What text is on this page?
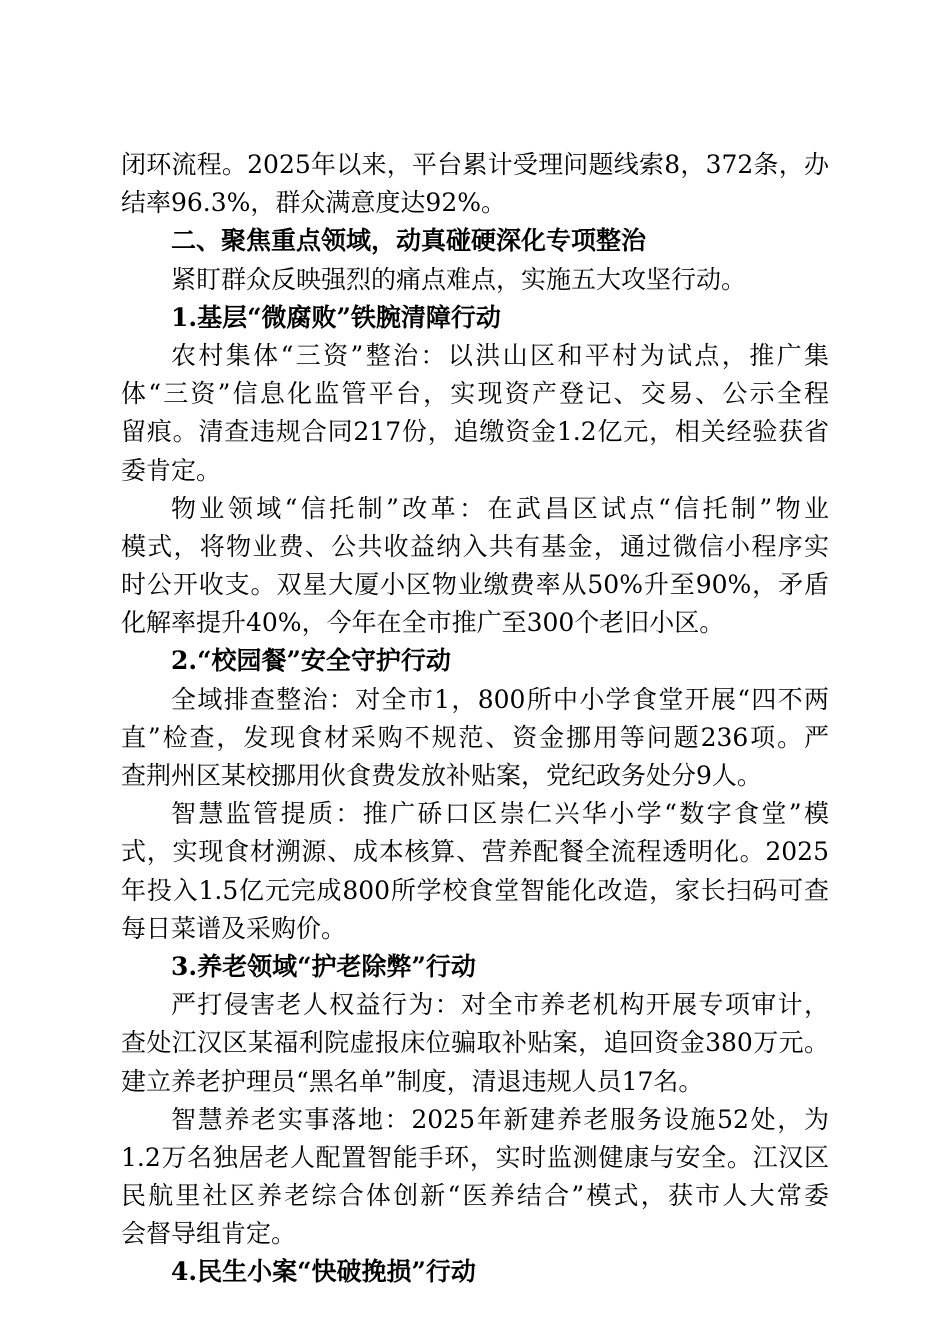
闭环流程。2025年以来，平台累计受理问题线索8，372条，办
结率96.3%，群众满意度达92%。
二、聚焦重点领域，动真碰硬深化专项整治
紧盯群众反映强烈的痛点难点，实施五大攻坚行动。
1.基层“微腐败”铁腕清障行动
农村集体“三资”整治：以洪山区和平村为试点，推广集
体“三资”信息化监管平台，实现资产登记、交易、公示全程
留痕。清查违规合同217份，追缴资金1.2亿元，相关经验获省
委肯定。
物业领域“信托制”改革：在武昌区试点“信托制”物业
模式，将物业费、公共收益纳入共有基金，通过微信小程序实
时公开收支。双星大厦小区物业缴费率从50%升至90%，矛盾
化解率提升40%，今年在全市推广至300个老旧小区。
2.“校园餐”安全守护行动
全域排查整治：对全市1，800所中小学食堂开展“四不两
直”检查，发现食材采购不规范、资金挪用等问题236项。严
查荆州区某校挪用伙食费发放补贴案，党纪政务处分9人。
智慧监管提质：推广硚口区崇仁兴华小学“数字食堂”模
式，实现食材溯源、成本核算、营养配餐全流程透明化。2025
年投入1.5亿元完成800所学校食堂智能化改造，家长扫码可查
每日菜谱及采购价。
3.养老领域“护老除弊”行动
严打侵害老人权益行为：对全市养老机构开展专项审计，
查处江汉区某福利院虚报床位骗取补贴案，追回资金380万元。
建立养老护理员“黑名单”制度，清退违规人员17名。
智慧养老实事落地：2025年新建养老服务设施52处，为
1.2万名独居老人配置智能手环，实时监测健康与安全。江汉区
民航里社区养老综合体创新“医养结合”模式，获市人大常委
会督导组肯定。
4.民生小案“快破挽损”行动
